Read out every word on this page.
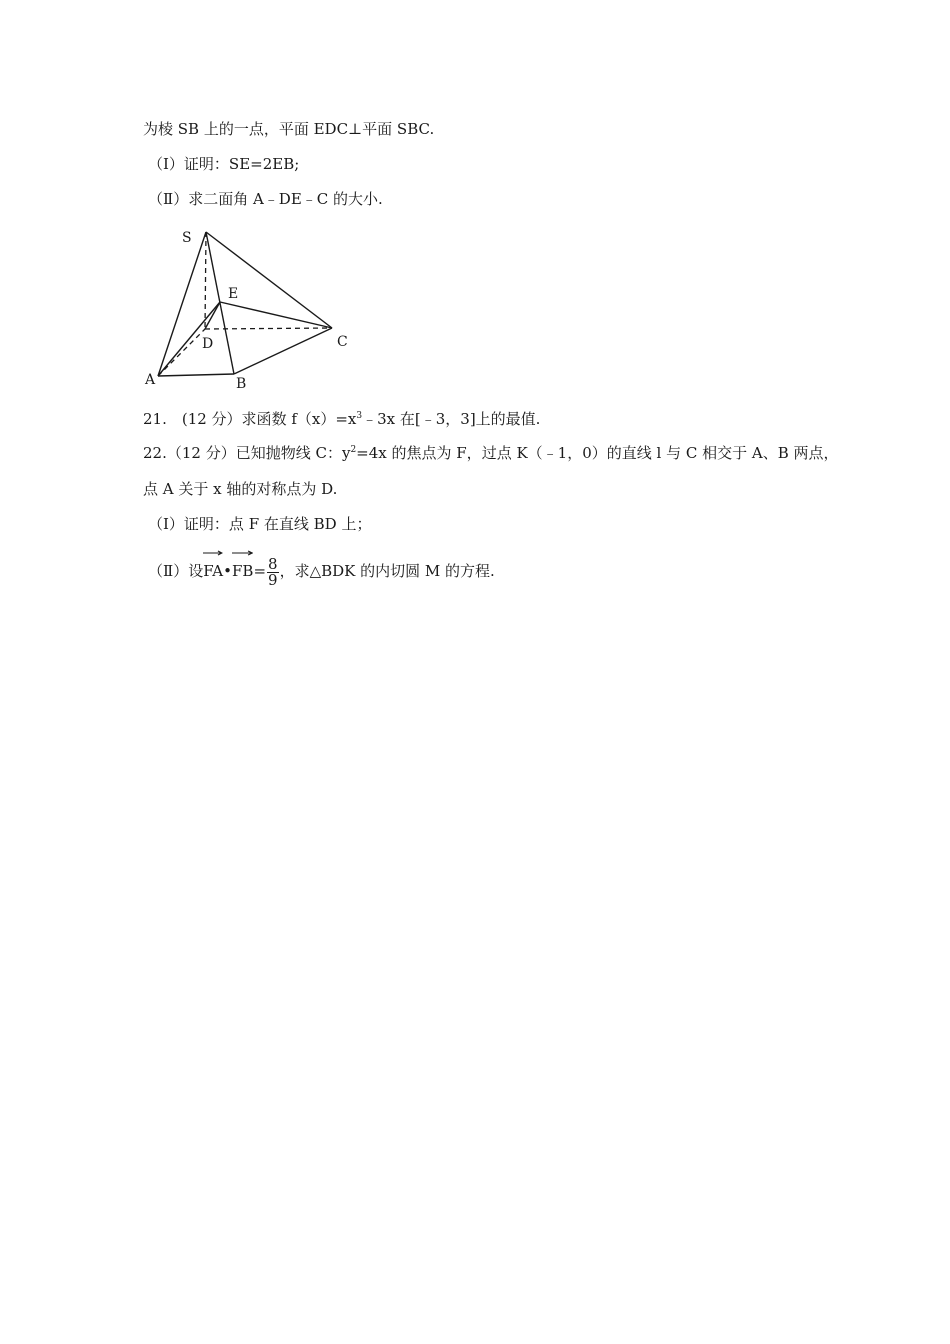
为棱 SB 上的一点，平面 EDC⊥平面 SBC.
（Ⅰ）证明：SE=2EB;
（Ⅱ）求二面角 A﹣DE﹣C 的大小.
S
E
D	C
A	B
21.　(12 分）求函数 $f(x)=x^3﹣3x$ 在[﹣3，3]上的最值.
22.（12 分）已知抛物线 C：$y^2=4x$ 的焦点为 F，过点 K（﹣1，0）的直线 l 与 C 相交于 A、B 两点，
点 A 关于 x 轴的对称点为 D.
（Ⅰ）证明：点 F 在直线 BD 上；
（Ⅱ）设
FA•
$FB= \frac{8}{9}$ ，求△BDK 的内切圆 M 的方程.
